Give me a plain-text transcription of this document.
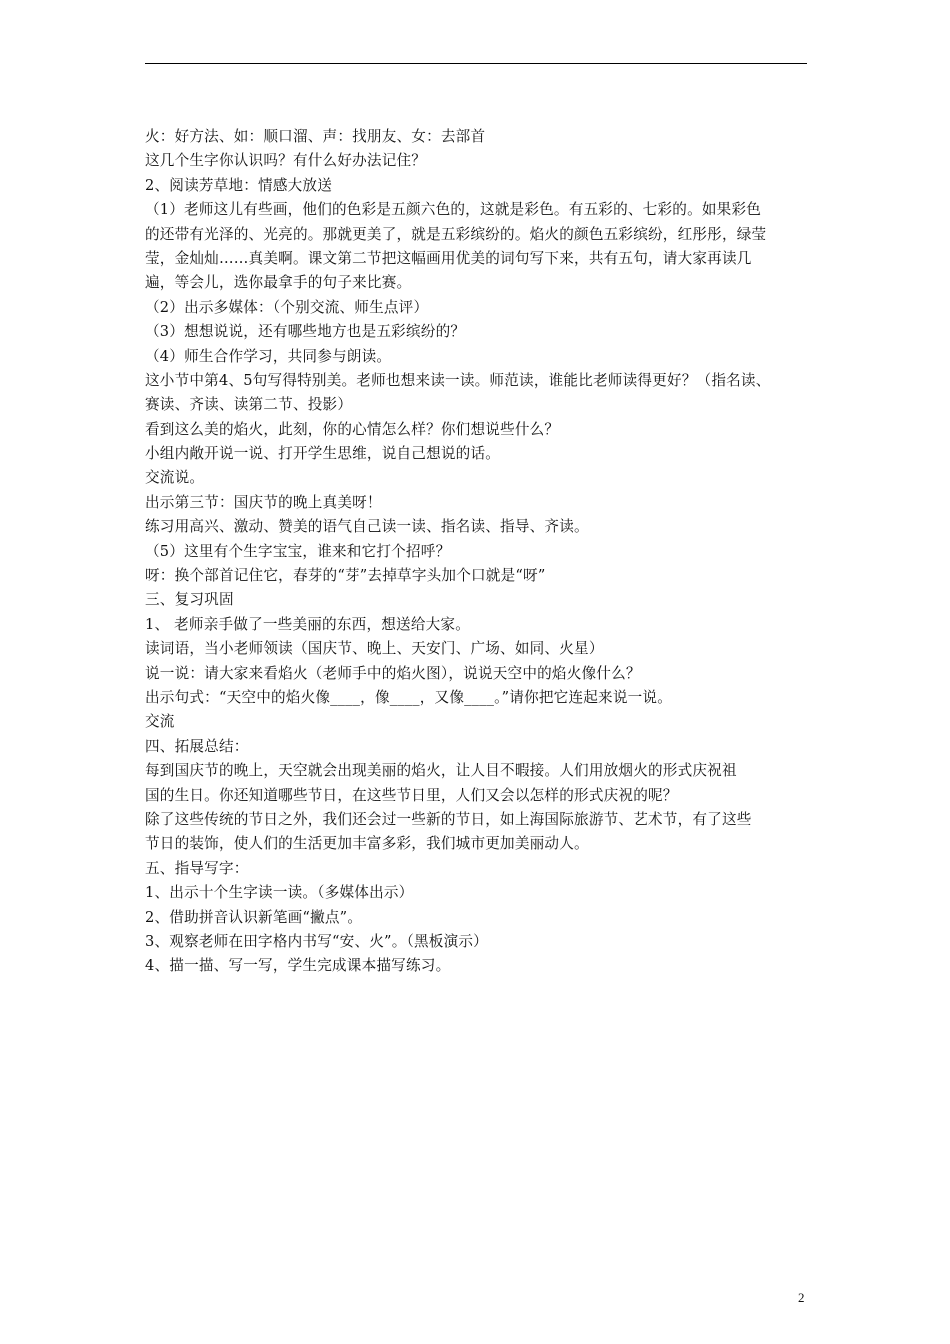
火：好方法、如：顺口溜、声：找朋友、女：去部首
这几个生字你认识吗？有什么好办法记住？
2、阅读芳草地：情感大放送
（1）老师这儿有些画，他们的色彩是五颜六色的，这就是彩色。有五彩的、七彩的。如果彩色
的还带有光泽的、光亮的。那就更美了，就是五彩缤纷的。焰火的颜色五彩缤纷，红彤彤，绿莹
莹，金灿灿……真美啊。课文第二节把这幅画用优美的词句写下来，共有五句，请大家再读几
遍，等会儿，选你最拿手的句子来比赛。
（2）出示多媒体：（个别交流、师生点评）
（3）想想说说，还有哪些地方也是五彩缤纷的？
（4）师生合作学习，共同参与朗读。
这小节中第4、5句写得特别美。老师也想来读一读。师范读，谁能比老师读得更好？（指名读、
赛读、齐读、读第二节、投影）
看到这么美的焰火，此刻，你的心情怎么样？你们想说些什么？
小组内敞开说一说、打开学生思维，说自己想说的话。
交流说。
出示第三节：国庆节的晚上真美呀！
练习用高兴、激动、赞美的语气自己读一读、指名读、指导、齐读。
（5）这里有个生字宝宝，谁来和它打个招呼？
呀：换个部首记住它，春芽的“芽”去掉草字头加个口就是“呀”
三、复习巩固
1、 老师亲手做了一些美丽的东西，想送给大家。
读词语，当小老师领读（国庆节、晚上、天安门、广场、如同、火星）
说一说：请大家来看焰火（老师手中的焰火图），说说天空中的焰火像什么？
出示句式：“天空中的焰火像____，像____，又像____。”请你把它连起来说一说。
交流
四、拓展总结：
每到国庆节的晚上，天空就会出现美丽的焰火，让人目不暇接。人们用放烟火的形式庆祝祖
国的生日。你还知道哪些节日，在这些节日里，人们又会以怎样的形式庆祝的呢？
除了这些传统的节日之外，我们还会过一些新的节日，如上海国际旅游节、艺术节，有了这些
节日的装饰，使人们的生活更加丰富多彩，我们城市更加美丽动人。
五、指导写字：
1、出示十个生字读一读。（多媒体出示）
2、借助拼音认识新笔画“撇点”。
3、观察老师在田字格内书写“安、火”。（黑板演示）
4、描一描、写一写，学生完成课本描写练习。
2
